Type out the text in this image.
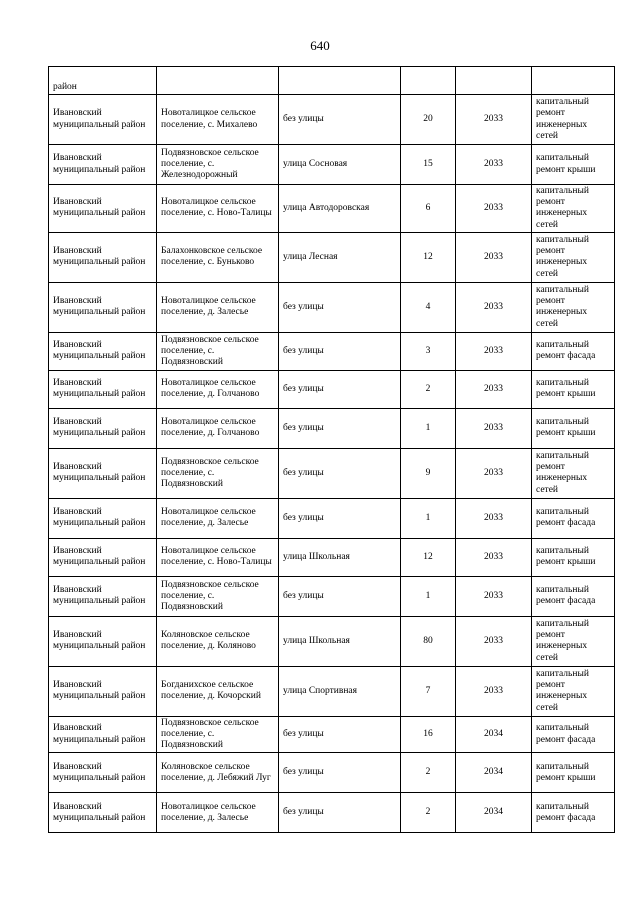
640
район					
Ивановский муниципальный район	Новоталицкое сельское поселение, с. Михалево	без улицы	20	2033	капитальный ремонт инженерных сетей
Ивановский муниципальный район	Подвязновское сельское поселение, с. Железнодорожный	улица Сосновая	15	2033	капитальный ремонт крыши
Ивановский муниципальный район	Новоталицкое сельское поселение, с. Ново-Талицы	улица Автодоровская	6	2033	капитальный ремонт инженерных сетей
Ивановский муниципальный район	Балахонковское сельское поселение, с. Буньково	улица Лесная	12	2033	капитальный ремонт инженерных сетей
Ивановский муниципальный район	Новоталицкое сельское поселение, д. Залесье	без улицы	4	2033	капитальный ремонт инженерных сетей
Ивановский муниципальный район	Подвязновское сельское поселение, с. Подвязновский	без улицы	3	2033	капитальный ремонт фасада
Ивановский муниципальный район	Новоталицкое сельское поселение, д. Голчаново	без улицы	2	2033	капитальный ремонт крыши
Ивановский муниципальный район	Новоталицкое сельское поселение, д. Голчаново	без улицы	1	2033	капитальный ремонт крыши
Ивановский муниципальный район	Подвязновское сельское поселение, с. Подвязновский	без улицы	9	2033	капитальный ремонт инженерных сетей
Ивановский муниципальный район	Новоталицкое сельское поселение, д. Залесье	без улицы	1	2033	капитальный ремонт фасада
Ивановский муниципальный район	Новоталицкое сельское поселение, с. Ново-Талицы	улица Школьная	12	2033	капитальный ремонт крыши
Ивановский муниципальный район	Подвязновское сельское поселение, с. Подвязновский	без улицы	1	2033	капитальный ремонт фасада
Ивановский муниципальный район	Коляновское сельское поселение, д. Коляново	улица Школьная	80	2033	капитальный ремонт инженерных сетей
Ивановский муниципальный район	Богданихское сельское поселение, д. Кочорский	улица Спортивная	7	2033	капитальный ремонт инженерных сетей
Ивановский муниципальный район	Подвязновское сельское поселение, с. Подвязновский	без улицы	16	2034	капитальный ремонт фасада
Ивановский муниципальный район	Коляновское сельское поселение, д. Лебяжий Луг	без улицы	2	2034	капитальный ремонт крыши
Ивановский муниципальный район	Новоталицкое сельское поселение, д. Залесье	без улицы	2	2034	капитальный ремонт фасада
